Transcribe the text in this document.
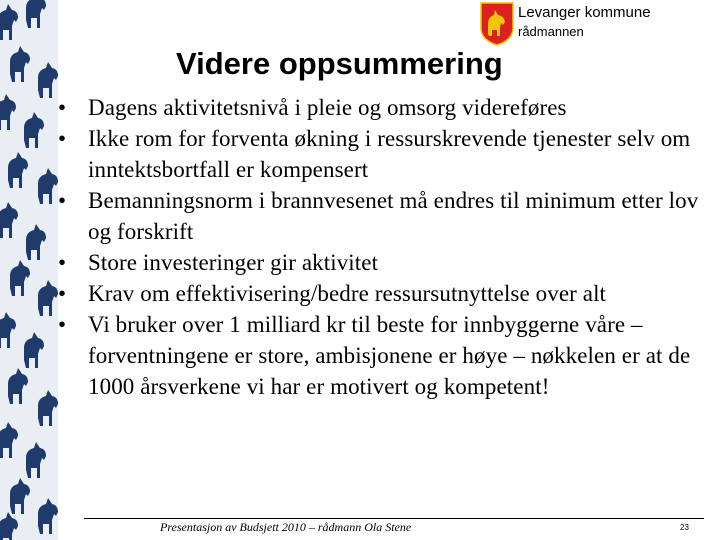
Levanger kommune
rådmannen
Videre oppsummering
• Dagens aktivitetsnivå i pleie og omsorg videreføres
• Ikke rom for forventa økning i ressurskrevende tjenester selv om inntektsbortfall er kompensert
• Bemanningsnorm i brannvesenet må endres til minimum etter lov og forskrift
• Store investeringer gir aktivitet
• Krav om effektivisering/bedre ressursutnyttelse over alt
• Vi bruker over 1 milliard kr til beste for innbyggerne våre – forventningene er store, ambisjonene er høye – nøkkelen er at de 1000 årsverkene vi har er motivert og kompetent!
Presentasjon av Budsjett 2010 – rådmann Ola Stene	23
